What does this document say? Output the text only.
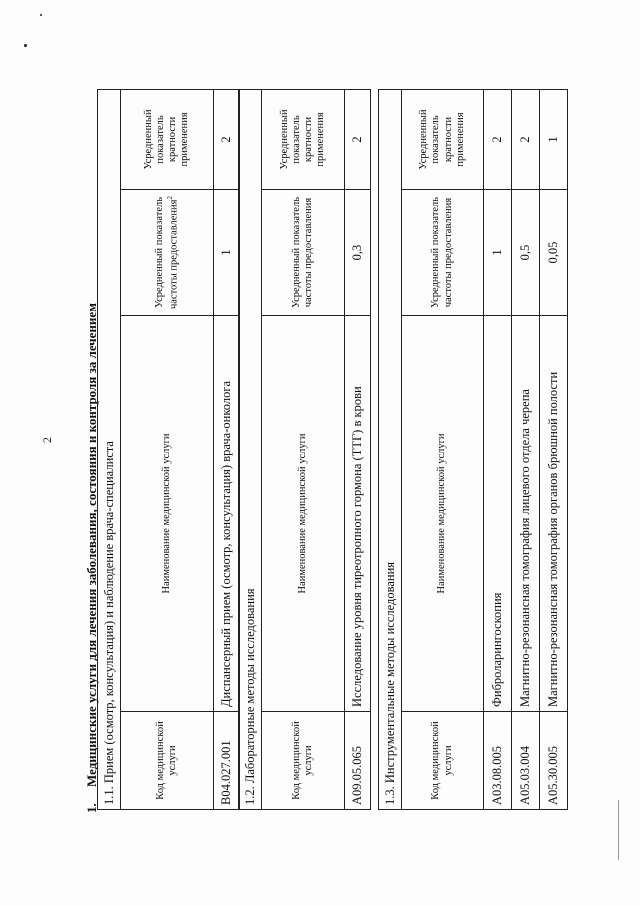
2
1.Медицинские услуги для лечения заболевания, состояния и контроля за лечением 1.1. Прием (осмотр, консультация) и наблюдение врача-специалиста			
Код медицинской услуги	Наименование медицинской услуги	Усредненный показатель частоты предоставления$^2$	Усредненный показатель кратности применения
B04.027.001	Диспансерный прием (осмотр, консультация) врача-онколога	1	2
1.2. Лабораторные методы исследования			
Код медицинской услуги	Наименование медицинской услуги	Усредненный показатель частоты предоставления	Усредненный показатель кратности применения
A09.05.065	Исследование уровня тиреотропного гормона (ТТГ) в крови	0,3	2
1.3. Инструментальные методы исследования			
Код медицинской услуги	Наименование медицинской услуги	Усредненный показатель частоты предоставления	Усредненный показатель кратности применения
A03.08.005	Фиброларингоскопия	1	2
A05.03.004	Магнитно-резонансная томография лицевого отдела черепа	0,5	2
A05.30.005	Магнитно-резонансная томография органов брюшной полости	0,05	1
